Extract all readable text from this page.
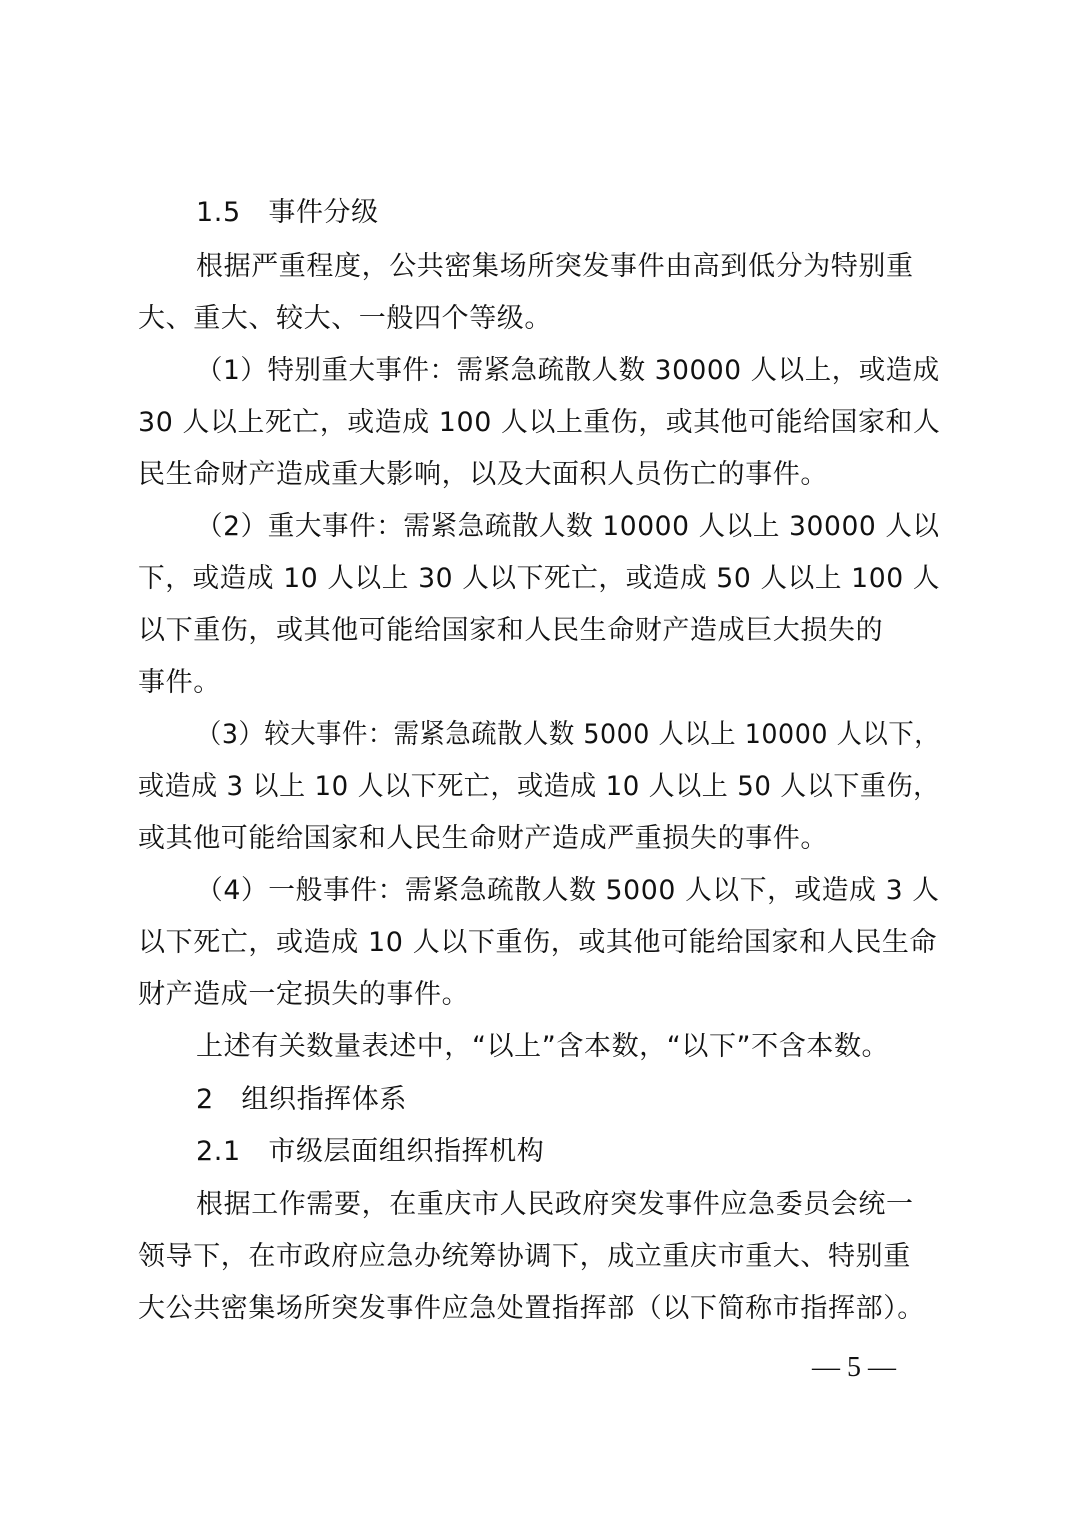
1.5　事件分级
根据严重程度，公共密集场所突发事件由高到低分为特别重
大、重大、较大、一般四个等级。
（1）特别重大事件：需紧急疏散人数 30000 人以上，或造成
30 人以上死亡，或造成 100 人以上重伤，或其他可能给国家和人
民生命财产造成重大影响，以及大面积人员伤亡的事件。
（2）重大事件：需紧急疏散人数 10000 人以上 30000 人以
下，或造成 10 人以上 30 人以下死亡，或造成 50 人以上 100 人
以下重伤，或其他可能给国家和人民生命财产造成巨大损失的
事件。
（3）较大事件：需紧急疏散人数 5000 人以上 10000 人以下，
或造成 3 以上 10 人以下死亡，或造成 10 人以上 50 人以下重伤，
或其他可能给国家和人民生命财产造成严重损失的事件。
（4）一般事件：需紧急疏散人数 5000 人以下，或造成 3 人
以下死亡，或造成 10 人以下重伤，或其他可能给国家和人民生命
财产造成一定损失的事件。
上述有关数量表述中，“以上”含本数，“以下”不含本数。
2　组织指挥体系
2.1　市级层面组织指挥机构
根据工作需要，在重庆市人民政府突发事件应急委员会统一
领导下，在市政府应急办统筹协调下，成立重庆市重大、特别重
大公共密集场所突发事件应急处置指挥部（以下简称市指挥部）。
— 5 —
